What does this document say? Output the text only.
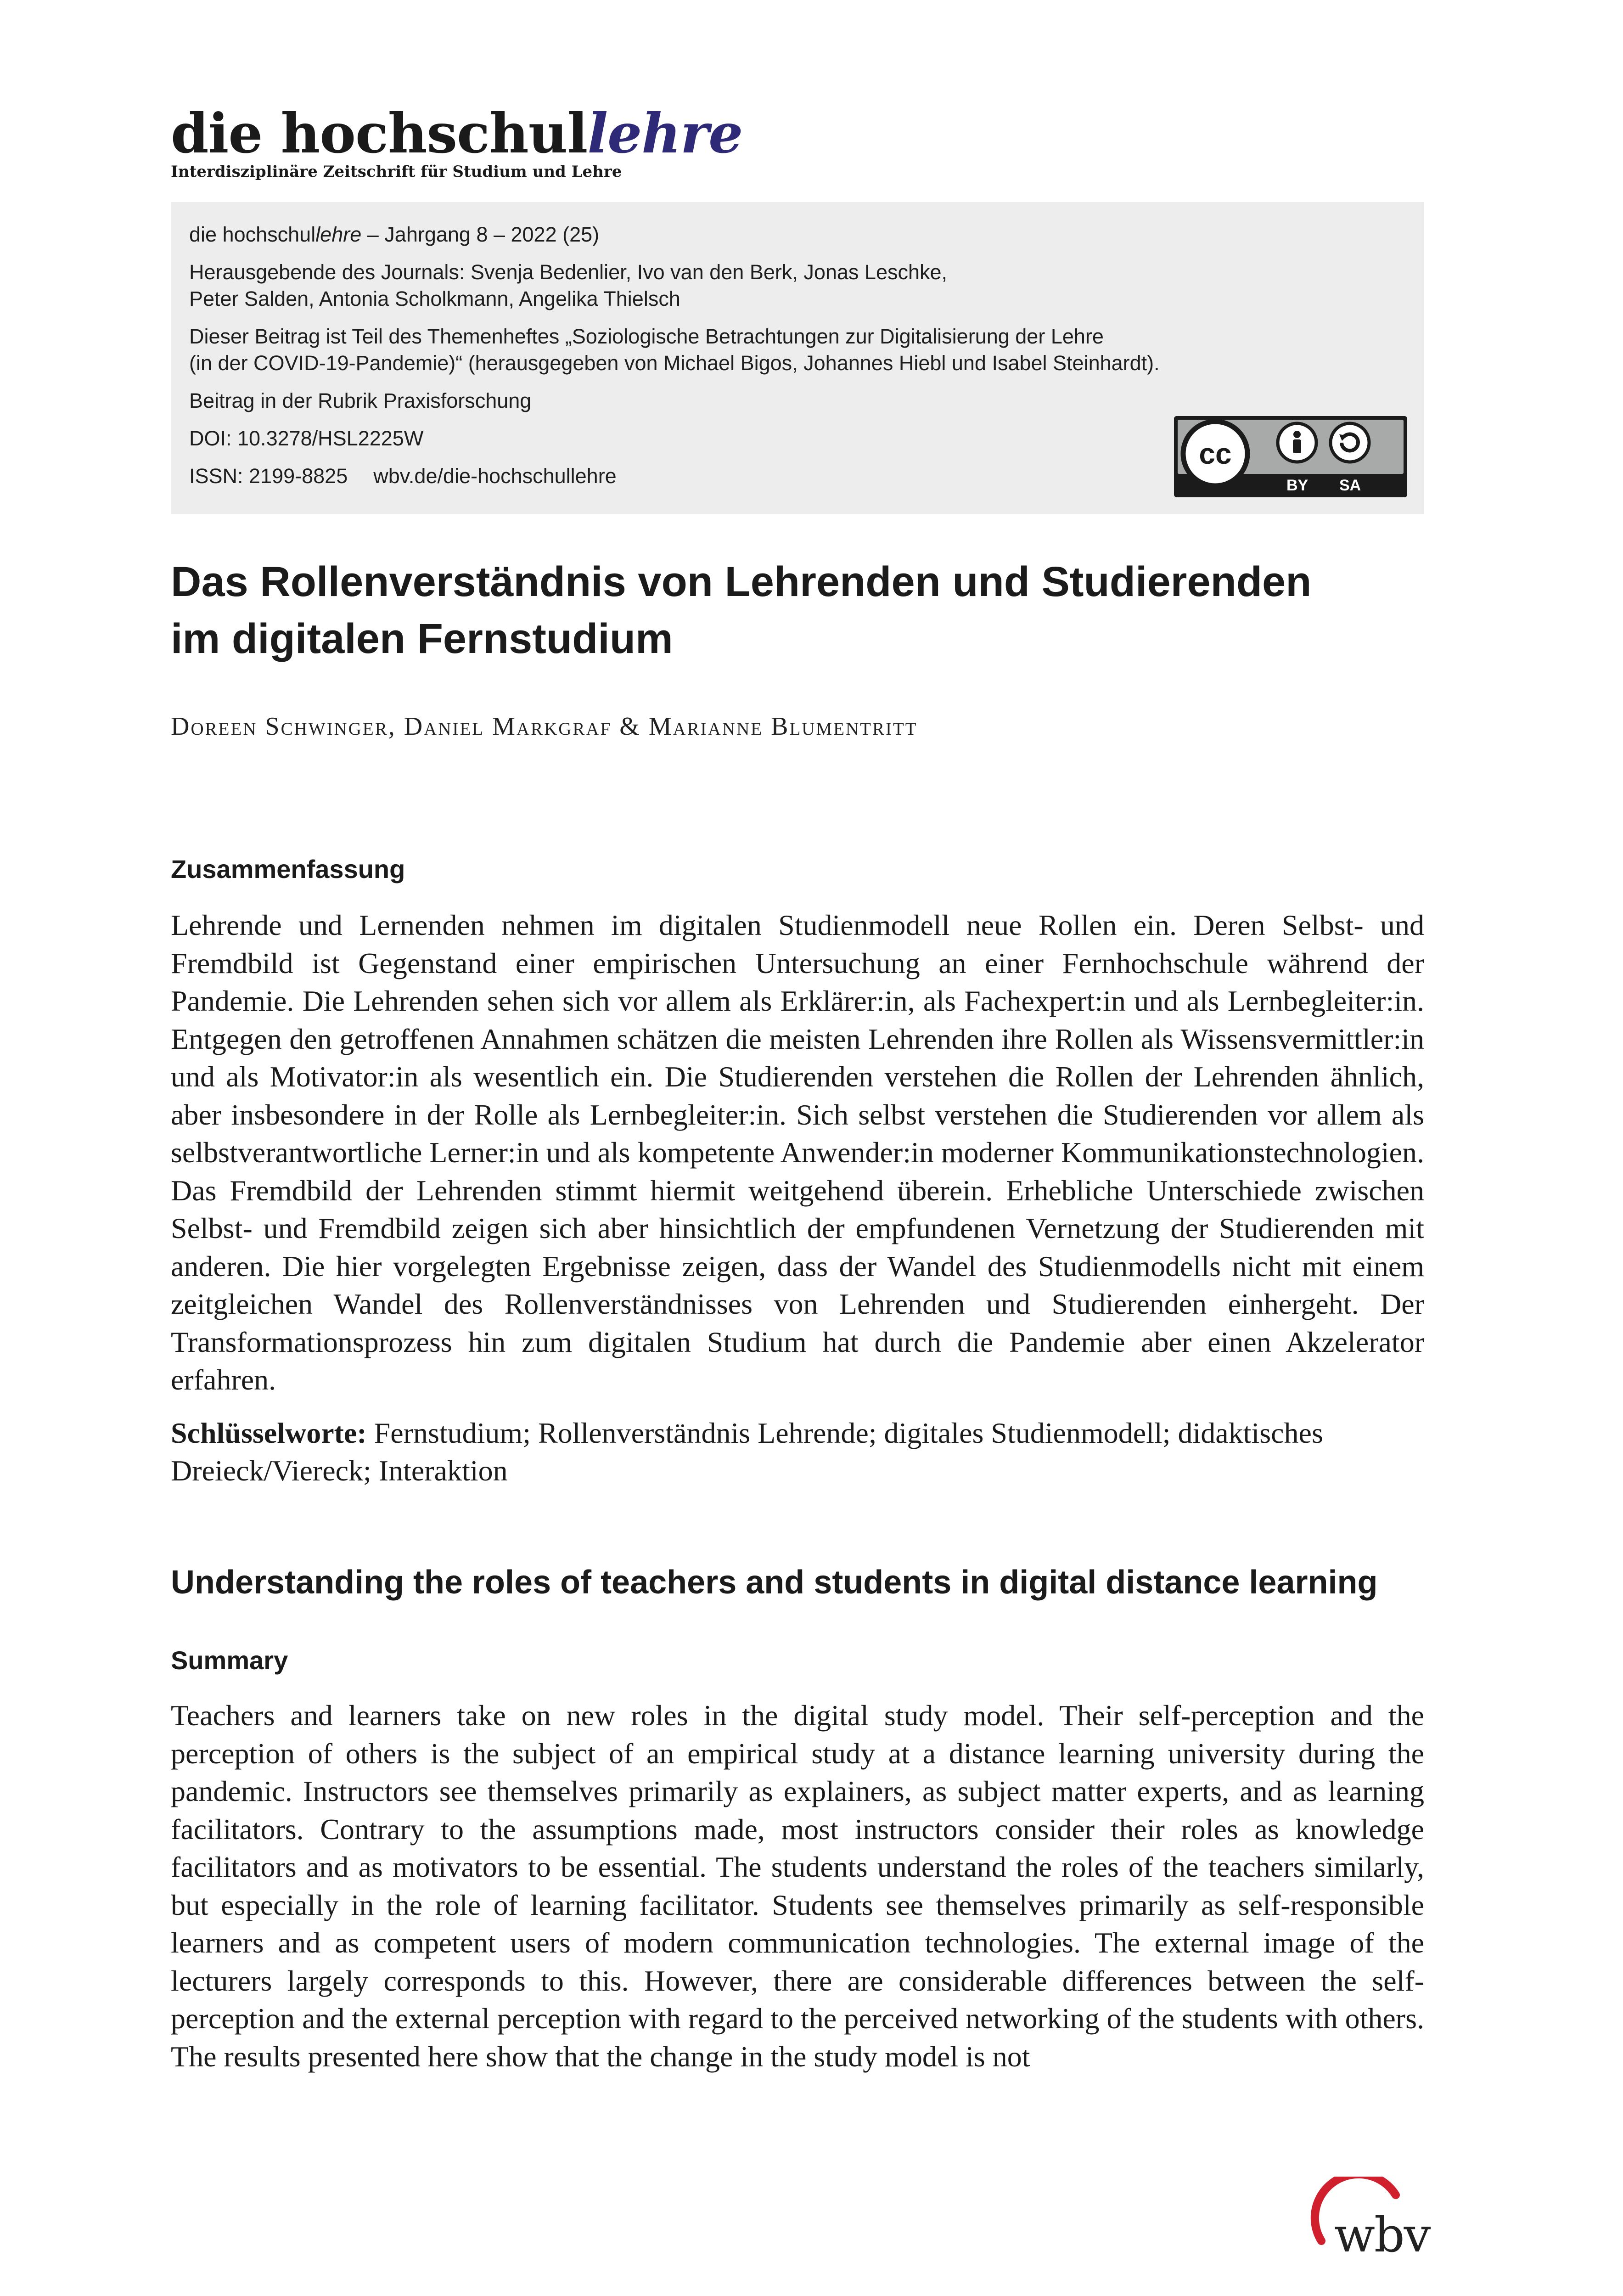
die hochschullehre
Interdisziplinäre Zeitschrift für Studium und Lehre

die hochschullehre – Jahrgang 8 – 2022 (25)

Herausgebende des Journals: Svenja Bedenlier, Ivo van den Berk, Jonas Leschke,
Peter Salden, Antonia Scholkmann, Angelika Thielsch

Dieser Beitrag ist Teil des Themenheftes „Soziologische Betrachtungen zur Digitalisierung der Lehre
(in der COVID-19-Pandemie)“ (herausgegeben von Michael Bigos, Johannes Hiebl und Isabel Steinhardt).

Beitrag in der Rubrik Praxisforschung

DOI: 10.3278/HSL2225W

ISSN: 2199-8825 wbv.de/die-hochschullehre

cc
BY SA
Das Rollenverständnis von Lehrenden und Studierenden
im digitalen Fernstudium
Doreen Schwinger, Daniel Markgraf & Marianne Blumentritt
Zusammenfassung
Lehrende und Lernenden nehmen im digitalen Studienmodell neue Rollen ein. Deren Selbst- und Fremdbild ist Gegenstand einer empirischen Untersuchung an einer Fernhochschule während der Pandemie. Die Lehrenden sehen sich vor allem als Erklärer:in, als Fachexpert:in und als Lernbegleiter:in. Entgegen den getroffenen Annahmen schätzen die meisten Lehrenden ihre Rollen als Wissensvermittler:in und als Motivator:in als wesentlich ein. Die Studierenden verstehen die Rollen der Lehrenden ähnlich, aber insbesondere in der Rolle als Lernbegleiter:in. Sich selbst verstehen die Studierenden vor allem als selbstverantwortliche Lerner:in und als kompetente Anwender:in moderner Kommunikationstechnologien. Das Fremdbild der Lehrenden stimmt hiermit weitgehend überein. Erhebliche Unterschiede zwischen Selbst- und Fremdbild zeigen sich aber hinsichtlich der empfundenen Vernetzung der Studierenden mit anderen. Die hier vorgelegten Ergebnisse zeigen, dass der Wandel des Studienmodells nicht mit einem zeitgleichen Wandel des Rollenverständnisses von Lehrenden und Studierenden einhergeht. Der Transformationsprozess hin zum digitalen Studium hat durch die Pandemie aber einen Akzelerator erfahren.
Schlüsselworte: Fernstudium; Rollenverständnis Lehrende; digitales Studienmodell; didaktisches Dreieck/Viereck; Interaktion
Understanding the roles of teachers and students in digital distance learning
Summary
Teachers and learners take on new roles in the digital study model. Their self-perception and the perception of others is the subject of an empirical study at a distance learning university during the pandemic. Instructors see themselves primarily as explainers, as subject matter experts, and as learning facilitators. Contrary to the assumptions made, most instructors consider their roles as knowledge facilitators and as motivators to be essential. The students understand the roles of the teachers similarly, but especially in the role of learning facilitator. Students see themselves primarily as self-responsible learners and as competent users of modern communication technologies. The external image of the lecturers largely corresponds to this. However, there are considerable differences between the self-perception and the external perception with regard to the perceived networking of the students with others. The results presented here show that the change in the study model is not
wbv
